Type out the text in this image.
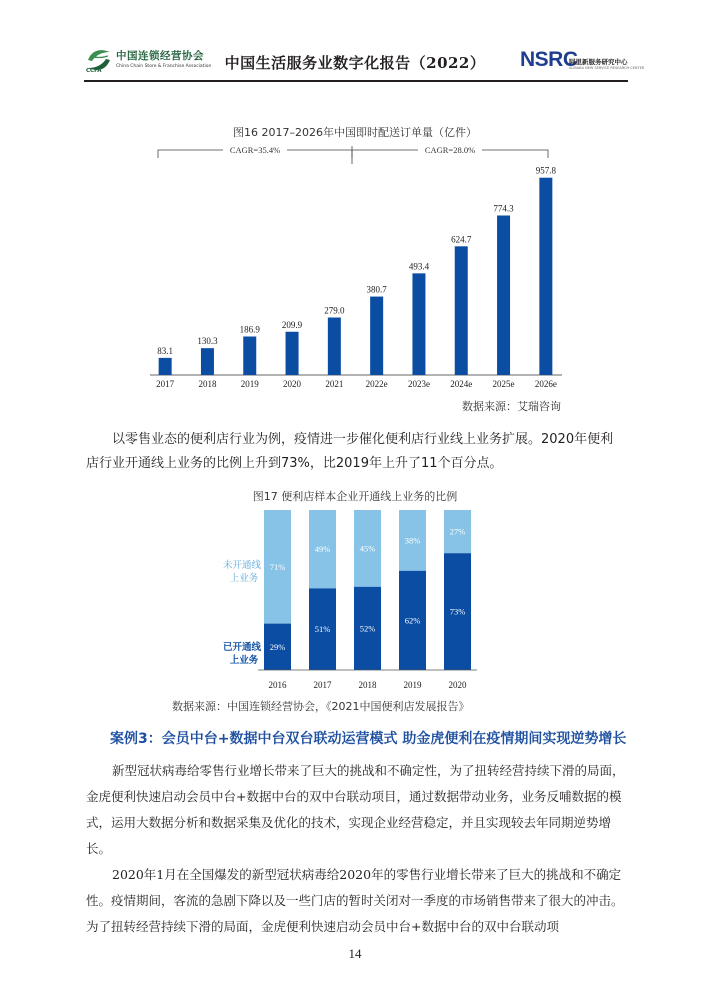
中国连锁经营协会
China Chain Store & Franchise Association
CCFA	中国生活服务业数字化报告（2022）	NSRC
阿里新服务研究中心
ALIBABA NEW SERVICE RESEARCH CENTER
图16 2017–2026年中国即时配送订单量（亿件）
83.1
2017
130.3
2018
186.9
2019
209.9
2020
279.0
2021
380.7
2022e
493.4
2023e
624.7
2024e
774.3
2025e
957.8
2026e
CAGR=35.4%	CAGR=28.0%
数据来源：艾瑞咨询

以零售业态的便利店行业为例，疫情进一步催化便利店行业线上业务扩展。2020年便利店行业开通线上业务的比例上升到73%，比2019年上升了11个百分点。

图17 便利店样本企业开通线上业务的比例
29%
71%
2016
51%
49%
2017
52%
45%
2018
62%
38%
2019
73%
27%
2020
未开通线
上业务
已开通线
上业务
数据来源：中国连锁经营协会，《2021中国便利店发展报告》
案例3：会员中台+数据中台双台联动运营模式 助金虎便利在疫情期间实现逆势增长

新型冠状病毒给零售行业增长带来了巨大的挑战和不确定性，为了扭转经营持续下滑的局面，金虎便利快速启动会员中台+数据中台的双中台联动项目，通过数据带动业务，业务反哺数据的模式，运用大数据分析和数据采集及优化的技术，实现企业经营稳定，并且实现较去年同期逆势增长。

2020年1月在全国爆发的新型冠状病毒给2020年的零售行业增长带来了巨大的挑战和不确定性。疫情期间，客流的急剧下降以及一些门店的暂时关闭对一季度的市场销售带来了很大的冲击。为了扭转经营持续下滑的局面，金虎便利快速启动会员中台+数据中台的双中台联动项

14
